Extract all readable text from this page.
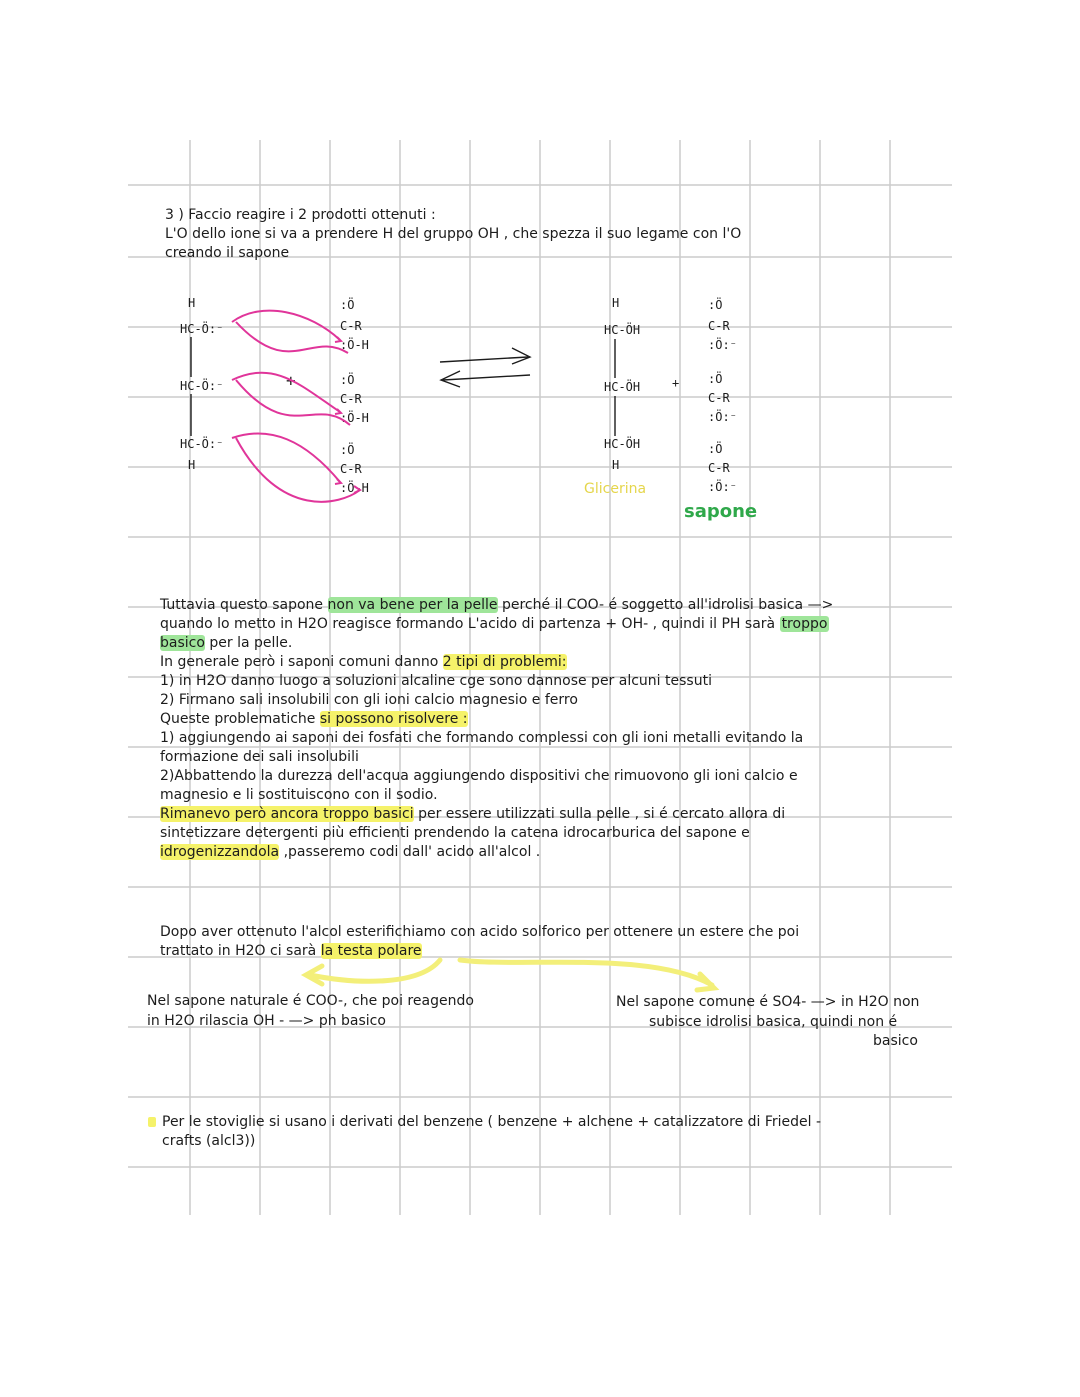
3 ) Faccio reagire i 2 prodotti ottenuti :
L'O dello ione si va a prendere H del gruppo OH , che spezza il suo legame con l'O
creando il sapone
H
HC-Ö:⁻
HC-Ö:⁻
HC-Ö:⁻
H
+
:Ö
C-R
:Ö-H
:Ö
C-R
:Ö-H
:Ö
C-R
:Ö-H
H
HC-ÖH
HC-ÖH
HC-ÖH
H
+
:Ö
C-R
:Ö:⁻
:Ö
C-R
:Ö:⁻
:Ö
C-R
:Ö:⁻
Glicerina
sapone
Tuttavia questo sapone non va bene per la pelle perché il COO- é soggetto all'idrolisi basica —>
quando lo metto in H2O reagisce formando L'acido di partenza + OH- , quindi il PH sarà troppo
basico per la pelle.
In generale però i saponi comuni danno 2 tipi di problemi:
1) in H2O danno luogo a soluzioni alcaline cge sono dannose per alcuni tessuti
2) Firmano sali insolubili con gli ioni calcio magnesio e ferro
Queste problematiche si possono risolvere :
1) aggiungendo ai saponi dei fosfati che formando complessi con gli ioni metalli evitando la
formazione dei sali insolubili
2)Abbattendo la durezza dell'acqua aggiungendo dispositivi che rimuovono gli ioni calcio e
magnesio e li sostituiscono con il sodio.
Rimanevo però ancora troppo basici per essere utilizzati sulla pelle , si é cercato allora di
sintetizzare detergenti più efficienti prendendo la catena idrocarburica del sapone e
idrogenizzandola ,passeremo codi dall' acido all'alcol .
Dopo aver ottenuto l'alcol esterifichiamo con acido solforico per ottenere un estere che poi
trattato in H2O ci sarà la testa polare
Nel sapone naturale é COO-, che poi reagendo
in H2O rilascia OH - —> ph basico
Nel sapone comune é SO4- —> in H2O non
subisce idrolisi basica, quindi non é
basico
Per le stoviglie si usano i derivati del benzene ( benzene + alchene + catalizzatore di Friedel -
crafts (alcl3))
